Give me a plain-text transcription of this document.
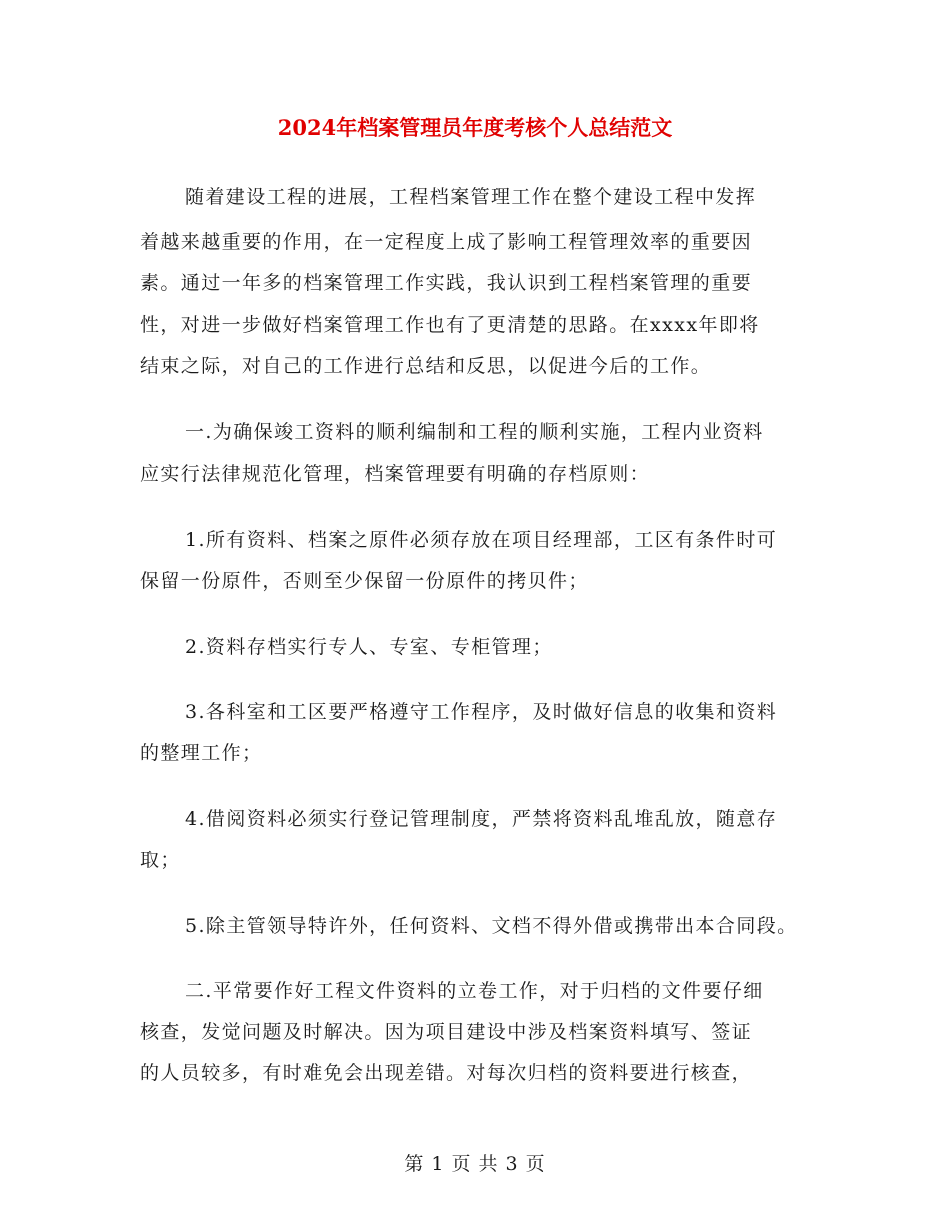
2024年档案管理员年度考核个人总结范文
随着建设工程的进展，工程档案管理工作在整个建设工程中发挥
着越来越重要的作用，在一定程度上成了影响工程管理效率的重要因
素。通过一年多的档案管理工作实践，我认识到工程档案管理的重要
性，对进一步做好档案管理工作也有了更清楚的思路。在xxxx年即将
结束之际，对自己的工作进行总结和反思，以促进今后的工作。
一.为确保竣工资料的顺利编制和工程的顺利实施，工程内业资料
应实行法律规范化管理，档案管理要有明确的存档原则：
1.所有资料、档案之原件必须存放在项目经理部，工区有条件时可
保留一份原件，否则至少保留一份原件的拷贝件；
2.资料存档实行专人、专室、专柜管理；
3.各科室和工区要严格遵守工作程序，及时做好信息的收集和资料
的整理工作；
4.借阅资料必须实行登记管理制度，严禁将资料乱堆乱放，随意存
取；
5.除主管领导特许外，任何资料、文档不得外借或携带出本合同段。
二.平常要作好工程文件资料的立卷工作，对于归档的文件要仔细
核查，发觉问题及时解决。因为项目建设中涉及档案资料填写、签证
的人员较多，有时难免会出现差错。对每次归档的资料要进行核查，
第 1 页 共 3 页
